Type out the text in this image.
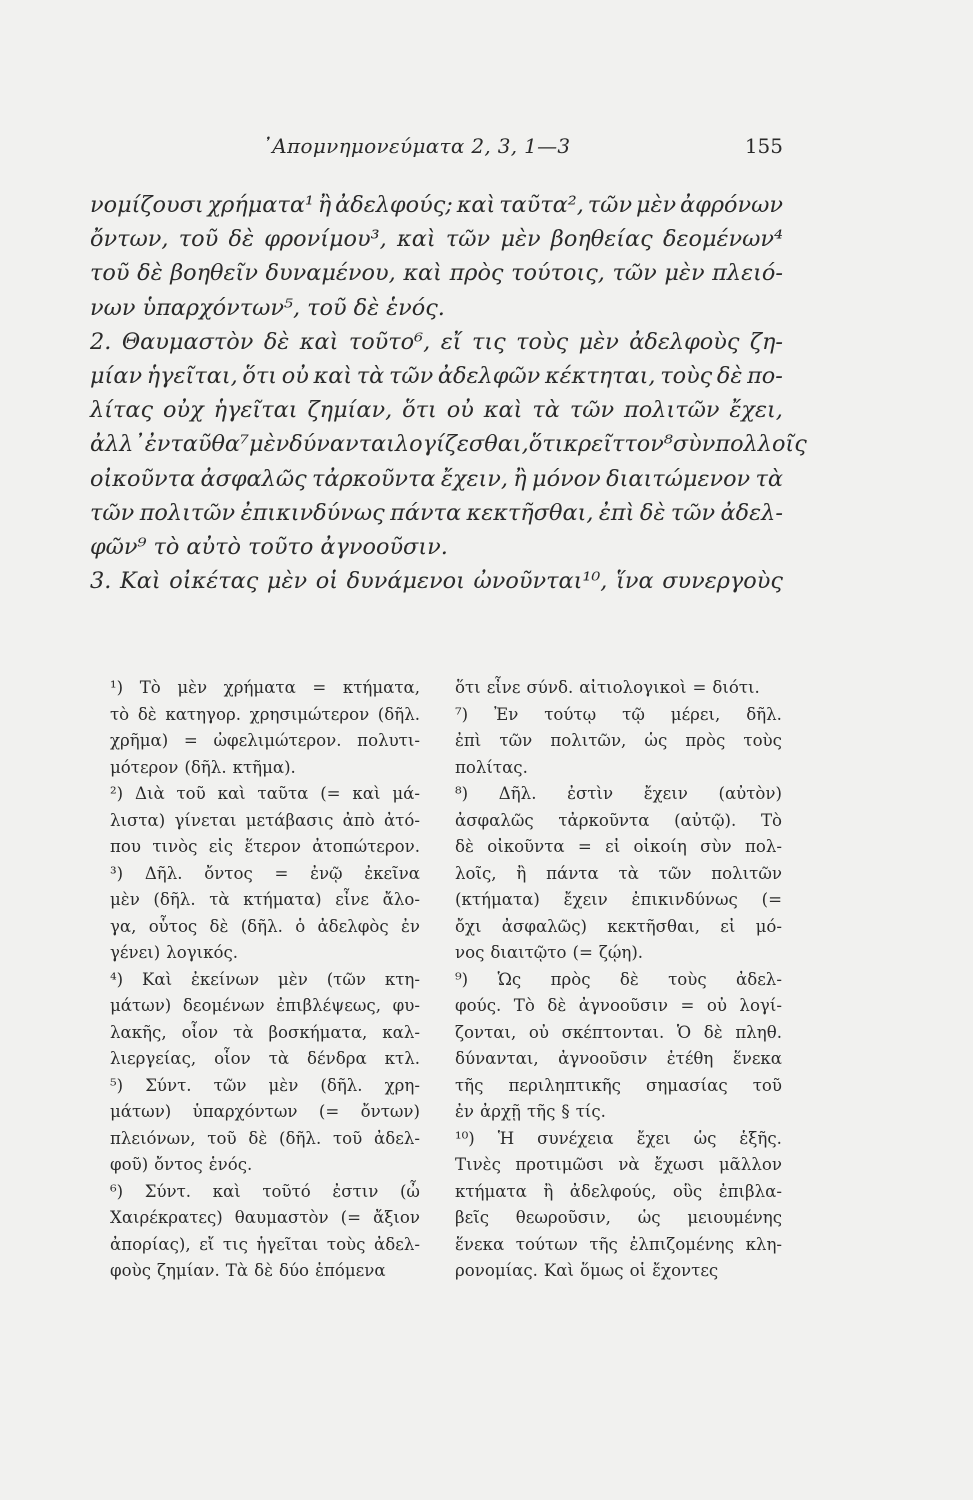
᾿Απομνημονεύματα 2, 3, 1—3	155
νομίζουσι χρήματα¹ ἢ ἀδελφούς; καὶ ταῦτα², τῶν μὲν ἀφρόνων
ὄντων, τοῦ δὲ φρονίμου³, καὶ τῶν μὲν βοηθείας δεομένων⁴
τοῦ δὲ βοηθεῖν δυναμένου, καὶ πρὸς τούτοις, τῶν μὲν πλειό-
νων ὑπαρχόντων⁵, τοῦ δὲ ἑνός.
2. Θαυμαστὸν δὲ καὶ τοῦτο⁶, εἴ τις τοὺς μὲν ἀδελφοὺς ζη-
μίαν ἡγεῖται, ὅτι οὐ καὶ τὰ τῶν ἀδελφῶν κέκτηται, τοὺς δὲ πο-
λίτας οὐχ ἡγεῖται ζημίαν, ὅτι οὐ καὶ τὰ τῶν πολιτῶν ἔχει,
ἀλλ᾿ ἐνταῦθα⁷ μὲν δύνανται λογίζεσθαι, ὅτι κρεῖττον⁸ σὺν πολλοῖς
οἰκοῦντα ἀσφαλῶς τἀρκοῦντα ἔχειν, ἢ μόνον διαιτώμενον τὰ
τῶν πολιτῶν ἐπικινδύνως πάντα κεκτῆσθαι, ἐπὶ δὲ τῶν ἀδελ-
φῶν⁹ τὸ αὐτὸ τοῦτο ἀγνοοῦσιν.
3. Καὶ οἰκέτας μὲν οἱ δυνάμενοι ὠνοῦνται¹⁰, ἵνα συνεργοὺς
¹) Τὸ μὲν χρήματα = κτήματα,
τὸ δὲ κατηγορ. χρησιμώτερον (δῆλ.
χρῆμα) = ὠφελιμώτερον. πολυτι-
μότερον (δῆλ. κτῆμα).
²) Διὰ τοῦ καὶ ταῦτα (= καὶ μά-
λιστα) γίνεται μετάβασις ἀπὸ ἀτό-
που τινὸς εἰς ἕτερον ἀτοπώτερον.
³) Δῆλ. ὄντος = ἐνῷ ἐκεῖνα
μὲν (δῆλ. τὰ κτήματα) εἶνε ἄλο-
γα, οὗτος δὲ (δῆλ. ὁ ἀδελφὸς ἐν
γένει) λογικός.
⁴) Καὶ ἐκείνων μὲν (τῶν κτη-
μάτων) δεομένων ἐπιβλέψεως, φυ-
λακῆς, οἷον τὰ βοσκήματα, καλ-
λιεργείας, οἷον τὰ δένδρα κτλ.
⁵) Σύντ. τῶν μὲν (δῆλ. χρη-
μάτων) ὑπαρχόντων (= ὄντων)
πλειόνων, τοῦ δὲ (δῆλ. τοῦ ἀδελ-
φοῦ) ὄντος ἑνός.
⁶) Σύντ. καὶ τοῦτό ἐστιν (ὦ
Χαιρέκρατες) θαυμαστὸν (= ἄξιον
ἀπορίας), εἴ τις ἡγεῖται τοὺς ἀδελ-
φοὺς ζημίαν. Τὰ δὲ δύο ἑπόμενα
ὅτι εἶνε σύνδ. αἰτιολογικοὶ = διότι.
⁷) Ἐν τούτῳ τῷ μέρει, δῆλ.
ἐπὶ τῶν πολιτῶν, ὡς πρὸς τοὺς
πολίτας.
⁸) Δῆλ. ἐστὶν ἔχειν (αὐτὸν)
ἀσφαλῶς τἀρκοῦντα (αὐτῷ). Τὸ
δὲ οἰκοῦντα = εἰ οἰκοίη σὺν πολ-
λοῖς, ἢ πάντα τὰ τῶν πολιτῶν
(κτήματα) ἔχειν ἐπικινδύνως (=
ὄχι ἀσφαλῶς) κεκτῆσθαι, εἰ μό-
νος διαιτῷτο (= ζῴη).
⁹) Ὡς πρὸς δὲ τοὺς ἀδελ-
φούς. Τὸ δὲ ἀγνοοῦσιν = οὐ λογί-
ζονται, οὐ σκέπτονται. Ὁ δὲ πληθ.
δύνανται, ἀγνοοῦσιν ἐτέθη ἕνεκα
τῆς περιληπτικῆς σημασίας τοῦ
ἐν ἀρχῇ τῆς § τίς.
¹⁰) Ἡ συνέχεια ἔχει ὡς ἑξῆς.
Τινὲς προτιμῶσι νὰ ἔχωσι μᾶλλον
κτήματα ἢ ἀδελφούς, οὓς ἐπιβλα-
βεῖς θεωροῦσιν, ὡς μειουμένης
ἕνεκα τούτων τῆς ἐλπιζομένης κλη-
ρονομίας. Καὶ ὅμως οἱ ἔχοντες
